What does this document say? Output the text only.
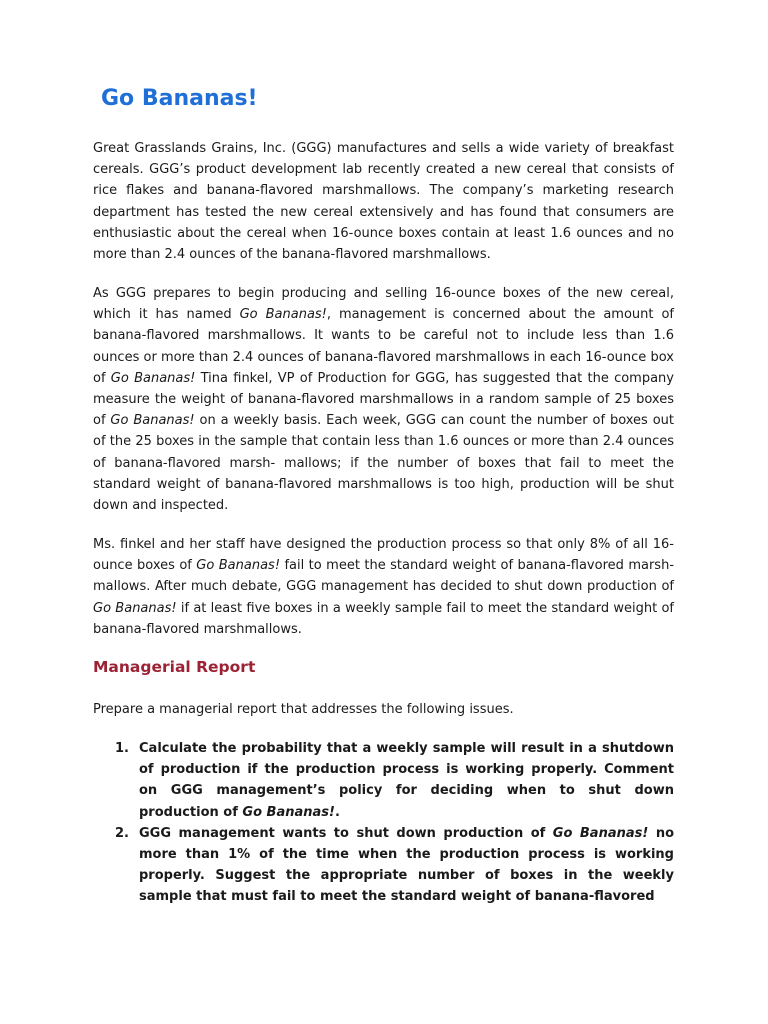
Go Bananas!

Great Grasslands Grains, Inc. (GGG) manufactures and sells a wide variety of breakfast cereals. GGG’s product development lab recently created a new cereal that consists of rice flakes and banana-flavored marshmallows. The company’s marketing research department has tested the new cereal extensively and has found that consumers are enthusiastic about the cereal when 16-ounce boxes contain at least 1.6 ounces and no more than 2.4 ounces of the banana-flavored marshmallows.

As GGG prepares to begin producing and selling 16-ounce boxes of the new cereal, which it has named Go Bananas!, management is concerned about the amount of banana-flavored marshmallows. It wants to be careful not to include less than 1.6 ounces or more than 2.4 ounces of banana-flavored marshmallows in each 16-ounce box of Go Bananas! Tina finkel, VP of Production for GGG, has suggested that the company measure the weight of banana-flavored marshmallows in a random sample of 25 boxes of Go Bananas! on a weekly basis. Each week, GGG can count the number of boxes out of the 25 boxes in the sample that contain less than 1.6 ounces or more than 2.4 ounces of banana-flavored marsh- mallows; if the number of boxes that fail to meet the standard weight of banana-flavored marshmallows is too high, production will be shut down and inspected.

Ms. finkel and her staff have designed the production process so that only 8% of all 16-ounce boxes of Go Bananas! fail to meet the standard weight of banana-flavored marsh- mallows. After much debate, GGG management has decided to shut down production of Go Bananas! if at least five boxes in a weekly sample fail to meet the standard weight of banana-flavored marshmallows.

Managerial Report

Prepare a managerial report that addresses the following issues.

1. Calculate the probability that a weekly sample will result in a shutdown of production if the production process is working properly. Comment on GGG management’s policy for deciding when to shut down production of Go Bananas!.
2. GGG management wants to shut down production of Go Bananas! no more than 1% of the time when the production process is working properly. Suggest the appropriate number of boxes in the weekly sample that must fail to meet the standard weight of banana-flavored
